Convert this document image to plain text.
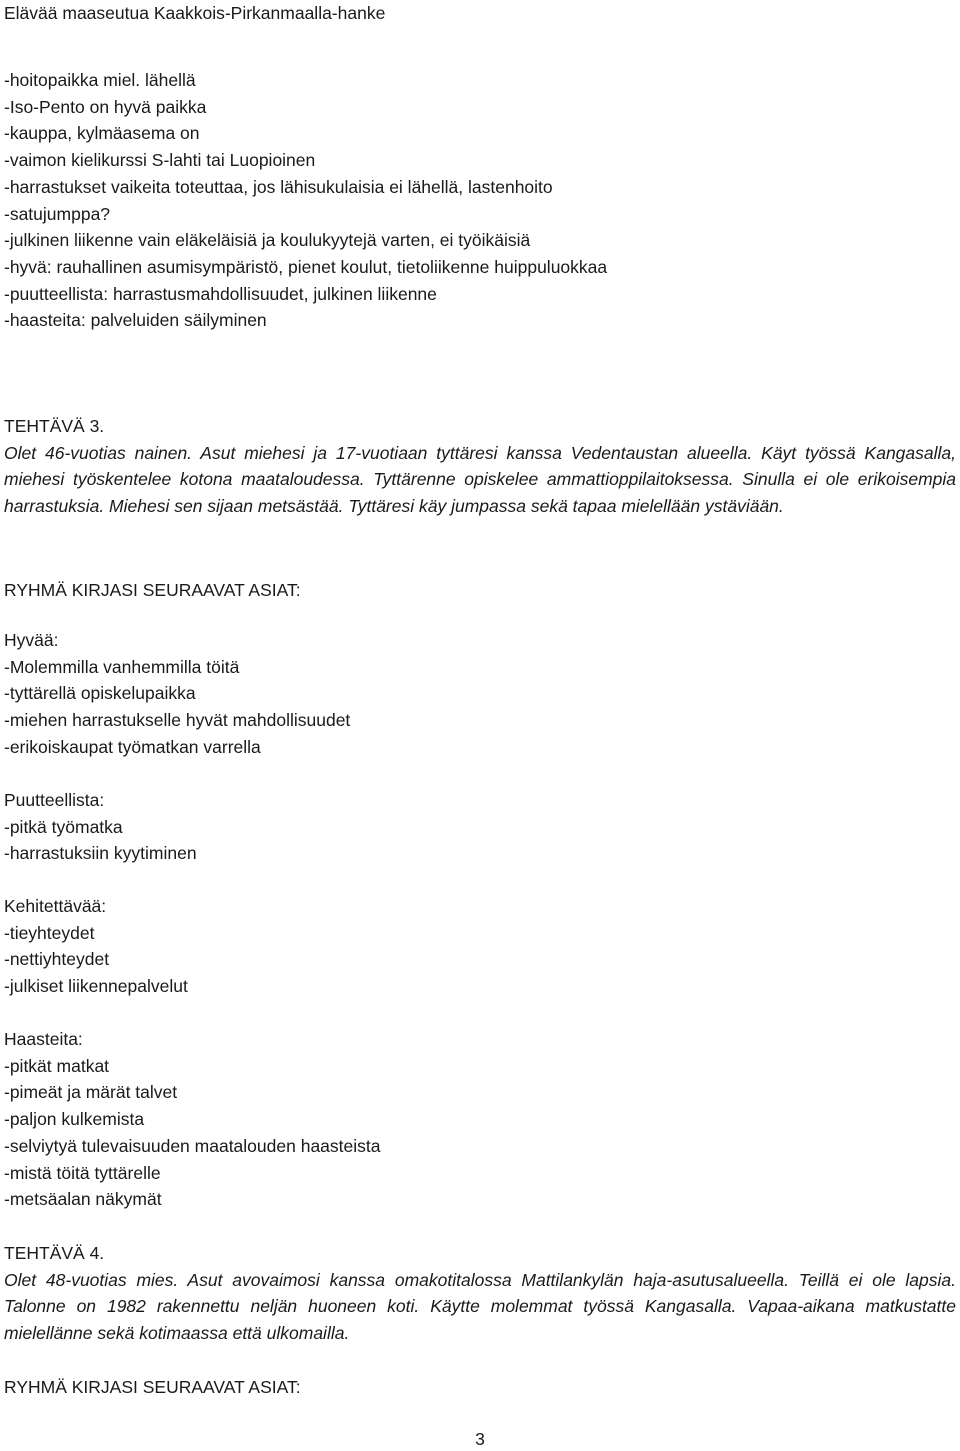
Elävää maaseutua Kaakkois-Pirkanmaalla-hanke

-hoitopaikka miel. lähellä

-Iso-Pento on hyvä paikka

-kauppa, kylmäasema on

-vaimon kielikurssi S-lahti tai Luopioinen

-harrastukset vaikeita toteuttaa, jos lähisukulaisia ei lähellä, lastenhoito

-satujumppa?

-julkinen liikenne vain eläkeläisiä ja koulukyytejä varten, ei työikäisiä

-hyvä: rauhallinen asumisympäristö, pienet koulut, tietoliikenne huippuluokkaa

-puutteellista: harrastusmahdollisuudet, julkinen liikenne

-haasteita: palveluiden säilyminen

TEHTÄVÄ 3.

Olet 46-vuotias nainen. Asut miehesi ja 17-vuotiaan tyttäresi kanssa Vedentaustan alueella. Käyt työssä Kangasalla, miehesi työskentelee kotona maataloudessa. Tyttärenne opiskelee ammattioppilaitoksessa. Sinulla ei ole erikoisempia harrastuksia. Miehesi sen sijaan metsästää. Tyttäresi käy jumpassa sekä tapaa mielellään ystäviään.

RYHMÄ KIRJASI SEURAAVAT ASIAT:

Hyvää:

-Molemmilla vanhemmilla töitä

-tyttärellä opiskelupaikka

-miehen harrastukselle hyvät mahdollisuudet

-erikoiskaupat työmatkan varrella

Puutteellista:

-pitkä työmatka

-harrastuksiin kyytiminen

Kehitettävää:

-tieyhteydet

-nettiyhteydet

-julkiset liikennepalvelut

Haasteita:

-pitkät matkat

-pimeät ja märät talvet

-paljon kulkemista

-selviytyä tulevaisuuden maatalouden haasteista

-mistä töitä tyttärelle

-metsäalan näkymät

TEHTÄVÄ 4.

Olet 48-vuotias mies. Asut avovaimosi kanssa omakotitalossa Mattilankylän haja-asutusalueella. Teillä ei ole lapsia. Talonne on 1982 rakennettu neljän huoneen koti. Käytte molemmat työssä Kangasalla. Vapaa-aikana matkustatte mielellänne sekä kotimaassa että ulkomailla.

RYHMÄ KIRJASI SEURAAVAT ASIAT:

3
